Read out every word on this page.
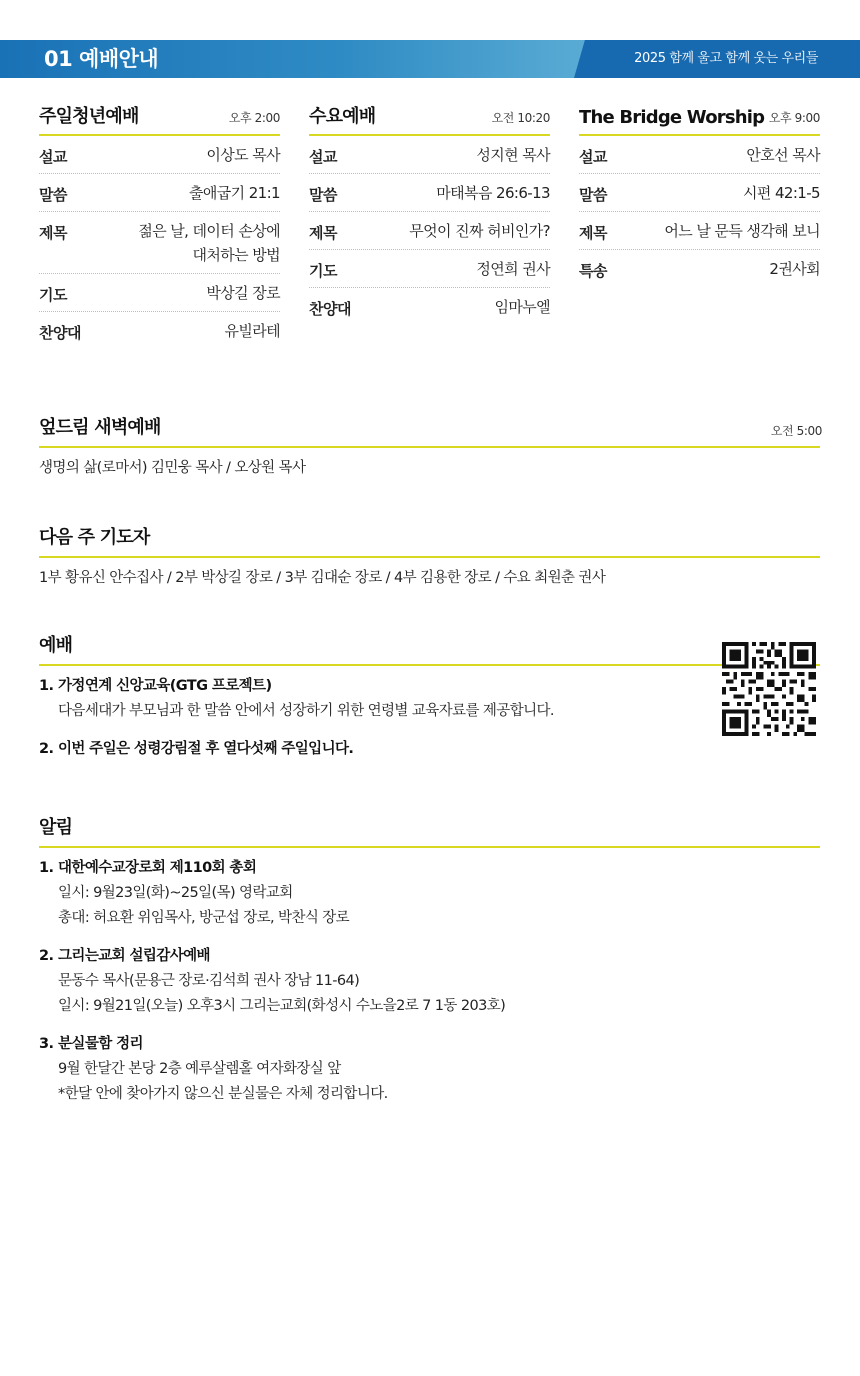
01 예배안내	2025 함께 울고 함께 웃는 우리들
주일청년예배	오후 2:00
설교	이상도 목사
말씀	출애굽기 21:1
제목	젊은 날, 데이터 손상에 대처하는 방법
기도	박상길 장로
찬양대	유빌라테
수요예배	오전 10:20
설교	성지현 목사
말씀	마태복음 26:6-13
제목	무엇이 진짜 허비인가?
기도	정연희 권사
찬양대	임마누엘
The Bridge Worship 오후 9:00
설교	안호선 목사
말씀	시편 42:1-5
제목	어느 날 문득 생각해 보니
특송	2권사회
엎드림 새벽예배	오전 5:00
생명의 삶(로마서) 김민웅 목사 / 오상원 목사
다음 주 기도자
1부 황유신 안수집사 / 2부 박상길 장로 / 3부 김대순 장로 / 4부 김용한 장로 / 수요 최원춘 권사
예배
1. 가정연계 신앙교육(GTG 프로젝트)
다음세대가 부모님과 한 말씀 안에서 성장하기 위한 연령별 교육자료를 제공합니다.
2. 이번 주일은 성령강림절 후 열다섯째 주일입니다.
알림
1. 대한예수교장로회 제110회 총회
일시: 9월23일(화)~25일(목) 영락교회
총대: 허요환 위임목사, 방군섭 장로, 박찬식 장로
2. 그리는교회 설립감사예배
문동수 목사(문용근 장로·김석희 권사 장남 11-64)
일시: 9월21일(오늘) 오후3시 그리는교회(화성시 수노을2로 7 1동 203호)
3. 분실물함 정리
9월 한달간 본당 2층 예루살렘홀 여자화장실 앞
*한달 안에 찾아가지 않으신 분실물은 자체 정리합니다.
